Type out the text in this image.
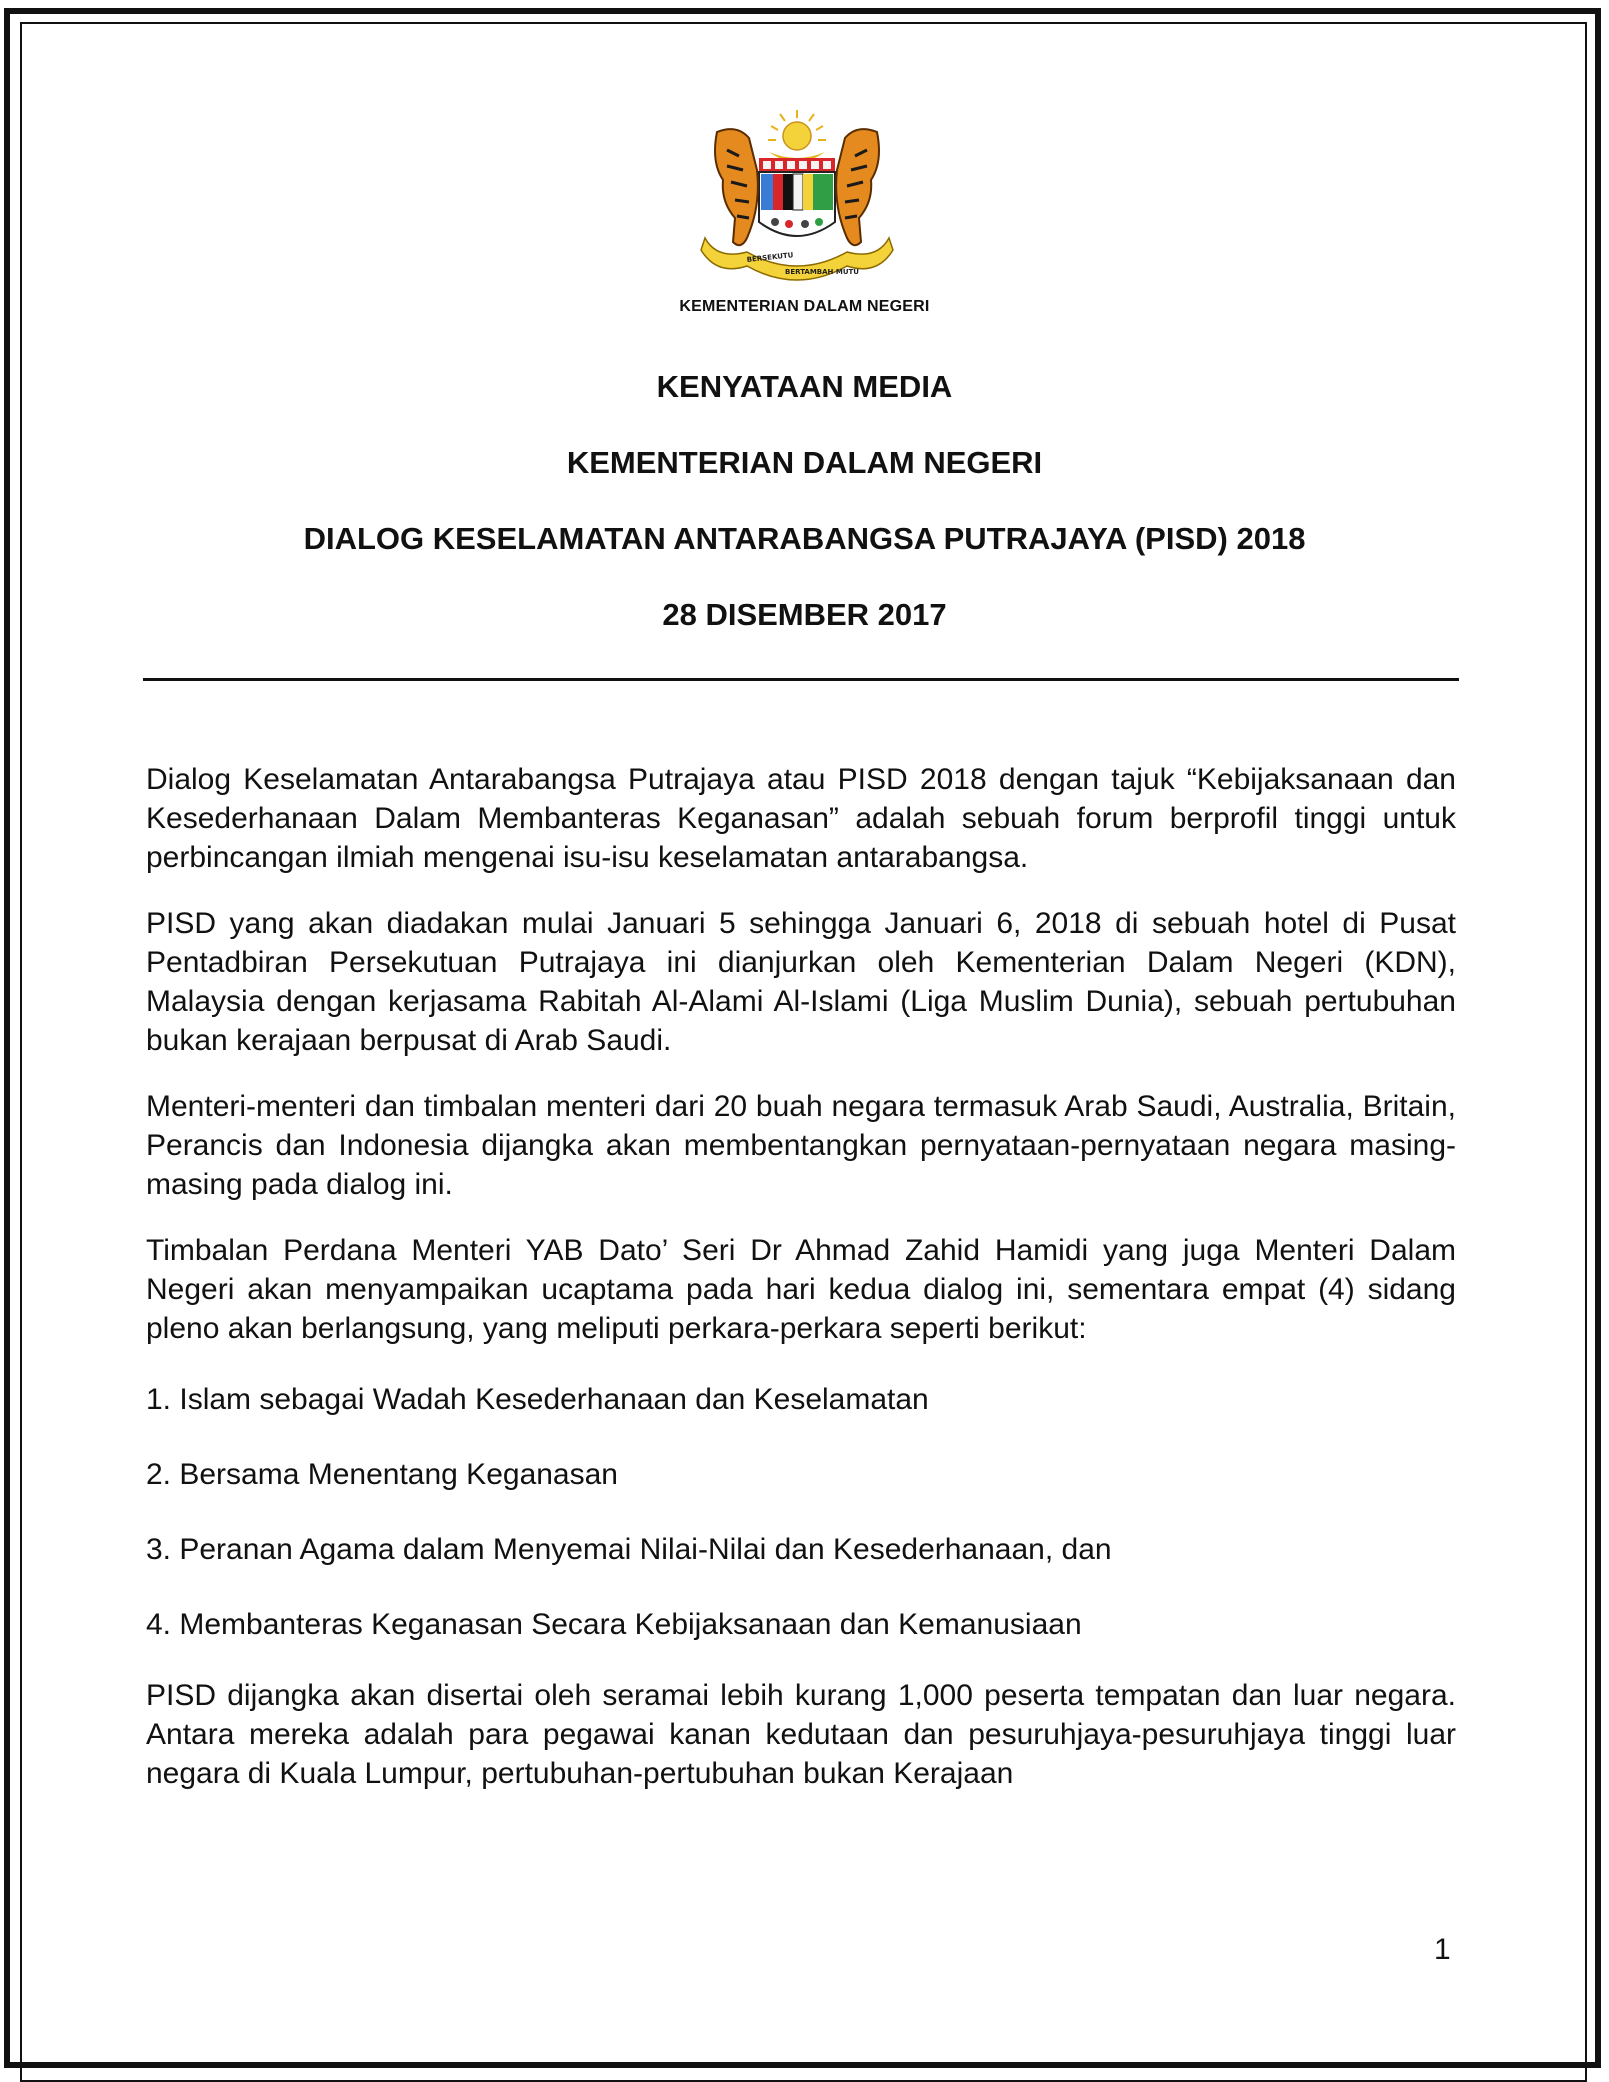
BERSEKUTU
BERTAMBAH MUTU
KEMENTERIAN DALAM NEGERI
KENYATAAN MEDIA
KEMENTERIAN DALAM NEGERI
DIALOG KESELAMATAN ANTARABANGSA PUTRAJAYA (PISD) 2018
28 DISEMBER 2017

Dialog Keselamatan Antarabangsa Putrajaya atau PISD 2018 dengan tajuk “Kebijaksanaan dan Kesederhanaan Dalam Membanteras Keganasan” adalah sebuah forum berprofil tinggi untuk perbincangan ilmiah mengenai isu-isu keselamatan antarabangsa.

PISD yang akan diadakan mulai Januari 5 sehingga Januari 6, 2018 di sebuah hotel di Pusat Pentadbiran Persekutuan Putrajaya ini dianjurkan oleh Kementerian Dalam Negeri (KDN), Malaysia dengan kerjasama Rabitah Al-Alami Al-Islami (Liga Muslim Dunia), sebuah pertubuhan bukan kerajaan berpusat di Arab Saudi.

Menteri-menteri dan timbalan menteri dari 20 buah negara termasuk Arab Saudi, Australia, Britain, Perancis dan Indonesia dijangka akan membentangkan pernyataan-pernyataan negara masing-masing pada dialog ini.

Timbalan Perdana Menteri YAB Dato’ Seri Dr Ahmad Zahid Hamidi yang juga Menteri Dalam Negeri akan menyampaikan ucaptama pada hari kedua dialog ini, sementara empat (4) sidang pleno akan berlangsung, yang meliputi perkara-perkara seperti berikut:

1. Islam sebagai Wadah Kesederhanaan dan Keselamatan
2. Bersama Menentang Keganasan
3. Peranan Agama dalam Menyemai Nilai-Nilai dan Kesederhanaan, dan
4. Membanteras Keganasan Secara Kebijaksanaan dan Kemanusiaan

PISD dijangka akan disertai oleh seramai lebih kurang 1,000 peserta tempatan dan luar negara. Antara mereka adalah para pegawai kanan kedutaan dan pesuruhjaya-pesuruhjaya tinggi luar negara di Kuala Lumpur, pertubuhan-pertubuhan bukan Kerajaan

1
